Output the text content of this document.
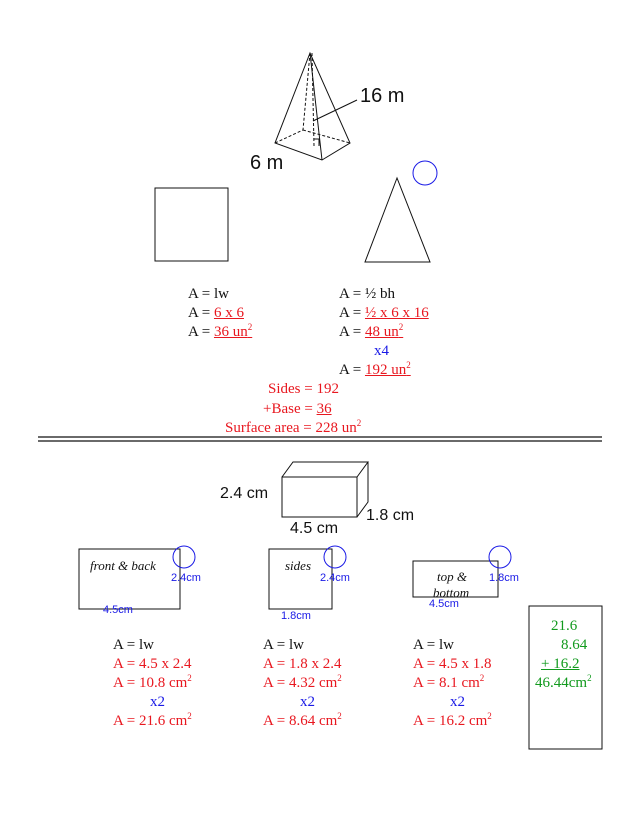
16 m
6 m
A = lw
A = 6 x 6
A = 36 $un^2$
A = ½ bh
A = ½ x 6 x 16
A = 48 $un^2$
x4
A = 192 $un^2$
Sides = 192
+Base = 36
Surface area = 228 $un^2$
2.4 cm
4.5 cm
1.8 cm
front & back
2.4cm
4.5cm
sides
2.4cm
1.8cm
top &
bottom
1.8cm
4.5cm
A = lw
A = 4.5 x 2.4
A = 10.8 $cm^2$
x2
A = 21.6 $cm^2$
A = lw
A = 1.8 x 2.4
A = 4.32 $cm^2$
x2
A = 8.64 $cm^2$
A = lw
A = 4.5 x 1.8
A = 8.1 $cm^2$
x2
A = 16.2 $cm^2$
21.6
8.64
+ 16.2
$46.44cm^2$
